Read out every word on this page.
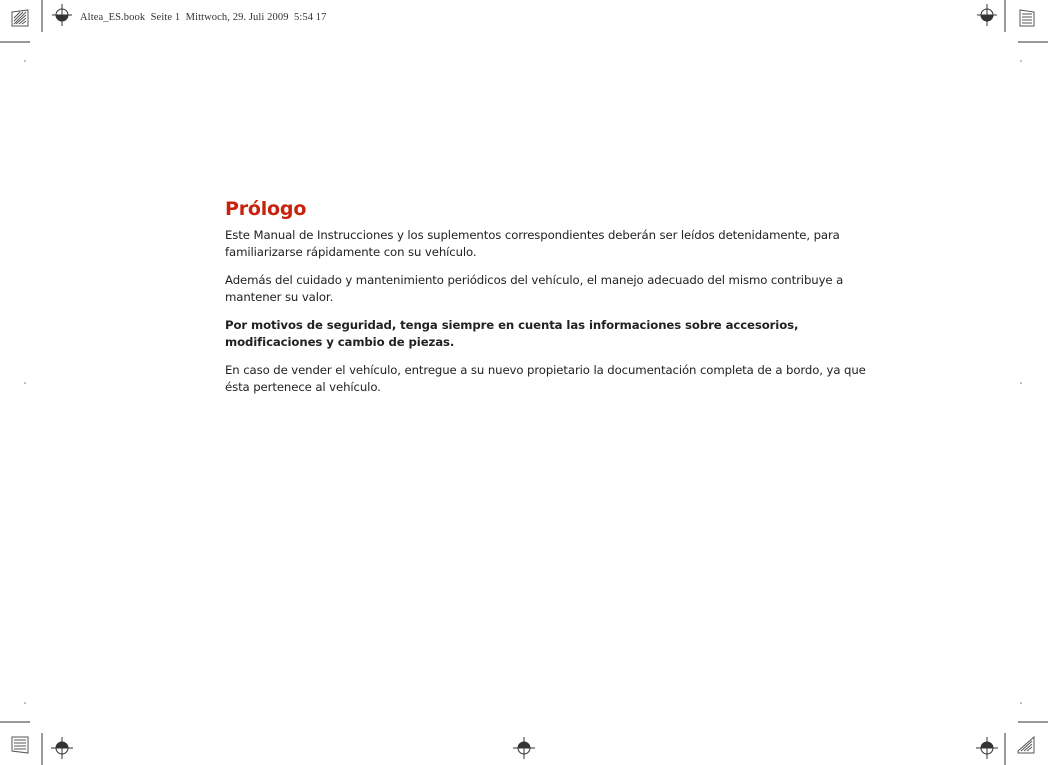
Altea_ES.book  Seite 1  Mittwoch, 29. Juli 2009  5:54 17
Prólogo

Este Manual de Instrucciones y los suplementos correspondientes deberán ser leídos detenidamente, para familiarizarse rápidamente con su vehículo.

Además del cuidado y mantenimiento periódicos del vehículo, el manejo adecuado del mismo contribuye a mantener su valor.

Por motivos de seguridad, tenga siempre en cuenta las informaciones sobre accesorios, modificaciones y cambio de piezas.

En caso de vender el vehículo, entregue a su nuevo propietario la documentación completa de a bordo, ya que ésta pertenece al vehículo.
